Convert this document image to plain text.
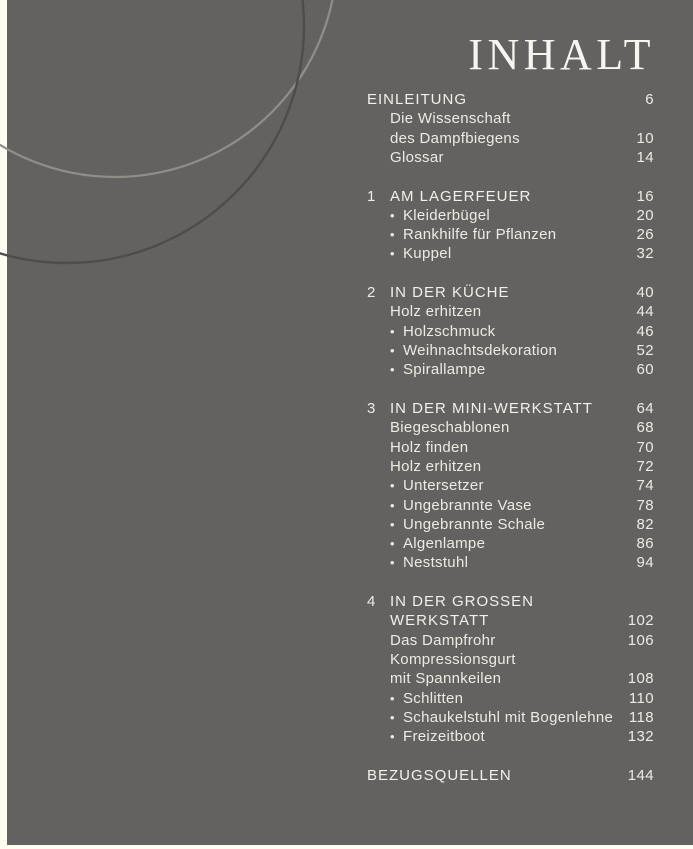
INHALT
EINLEITUNG	6
Die Wissenschaft
des Dampfbiegens	10
Glossar	14
1 AM LAGERFEUER	16
• Kleiderbügel	20
• Rankhilfe für Pflanzen	26
• Kuppel	32
2 IN DER KÜCHE	40
Holz erhitzen	44
• Holzschmuck	46
• Weihnachtsdekoration	52
• Spirallampe	60
3 IN DER MINI-WERKSTATT	64
Biegeschablonen	68
Holz finden	70
Holz erhitzen	72
• Untersetzer	74
• Ungebrannte Vase	78
• Ungebrannte Schale	82
• Algenlampe	86
• Neststuhl	94
4 IN DER GROSSEN
WERKSTATT	102
Das Dampfrohr	106
Kompressionsgurt
mit Spannkeilen	108
• Schlitten	110
• Schaukelstuhl mit Bogenlehne	118
• Freizeitboot	132
BEZUGSQUELLEN	144
